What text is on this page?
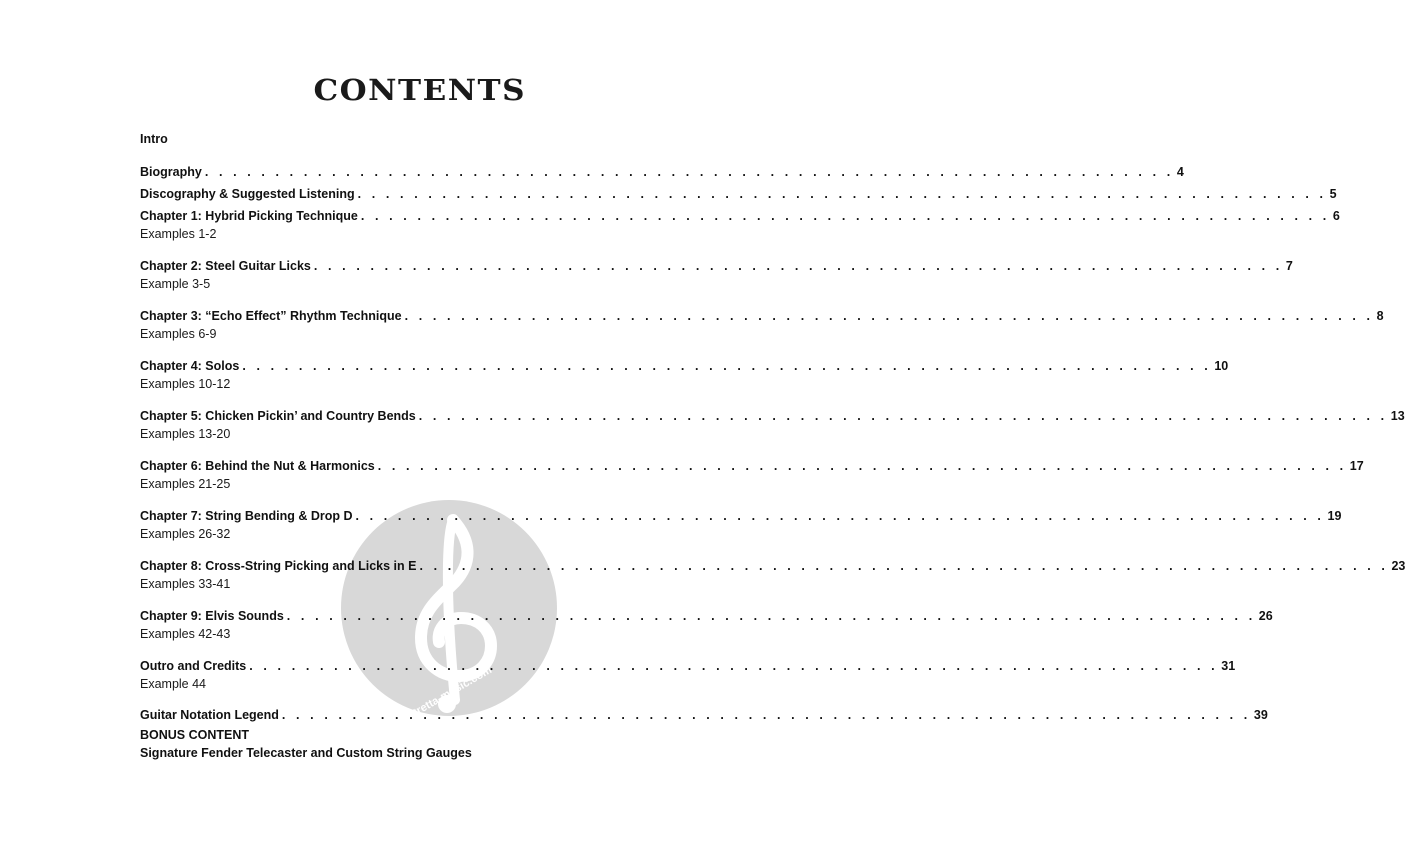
CONTENTS
stretta-music.com
Intro
Biography . . . . . . . . . . . . . . . . . . . . . . . . . . . . . . . . . . . . . . . . . . . . . . . . . . . . . . . . . . . . . . . . . . . . . 4
Discography & Suggested Listening . . . . . . . . . . . . . . . . . . . . . . . . . . . . . . . . . . . . . . . . . . . . . . . . . . . . . . . . . . . . . . . . . . . . . 5
Chapter 1: Hybrid Picking Technique . . . . . . . . . . . . . . . . . . . . . . . . . . . . . . . . . . . . . . . . . . . . . . . . . . . . . . . . . . . . . . . . . . . . . 6
Examples 1-2
Chapter 2: Steel Guitar Licks . . . . . . . . . . . . . . . . . . . . . . . . . . . . . . . . . . . . . . . . . . . . . . . . . . . . . . . . . . . . . . . . . . . . . 7
Example 3-5
Chapter 3: “Echo Effect” Rhythm Technique . . . . . . . . . . . . . . . . . . . . . . . . . . . . . . . . . . . . . . . . . . . . . . . . . . . . . . . . . . . . . . . . . . . . . 8
Examples 6-9
Chapter 4: Solos . . . . . . . . . . . . . . . . . . . . . . . . . . . . . . . . . . . . . . . . . . . . . . . . . . . . . . . . . . . . . . . . . . . . . 10
Examples 10-12
Chapter 5: Chicken Pickin’ and Country Bends . . . . . . . . . . . . . . . . . . . . . . . . . . . . . . . . . . . . . . . . . . . . . . . . . . . . . . . . . . . . . . . . . . . . . 13
Examples 13-20
Chapter 6: Behind the Nut & Harmonics . . . . . . . . . . . . . . . . . . . . . . . . . . . . . . . . . . . . . . . . . . . . . . . . . . . . . . . . . . . . . . . . . . . . . 17
Examples 21-25
Chapter 7: String Bending & Drop D . . . . . . . . . . . . . . . . . . . . . . . . . . . . . . . . . . . . . . . . . . . . . . . . . . . . . . . . . . . . . . . . . . . . . 19
Examples 26-32
Chapter 8: Cross-String Picking and Licks in E . . . . . . . . . . . . . . . . . . . . . . . . . . . . . . . . . . . . . . . . . . . . . . . . . . . . . . . . . . . . . . . . . . . . . 23
Examples 33-41
Chapter 9: Elvis Sounds . . . . . . . . . . . . . . . . . . . . . . . . . . . . . . . . . . . . . . . . . . . . . . . . . . . . . . . . . . . . . . . . . . . . . 26
Examples 42-43
Outro and Credits . . . . . . . . . . . . . . . . . . . . . . . . . . . . . . . . . . . . . . . . . . . . . . . . . . . . . . . . . . . . . . . . . . . . . 31
Example 44
Guitar Notation Legend . . . . . . . . . . . . . . . . . . . . . . . . . . . . . . . . . . . . . . . . . . . . . . . . . . . . . . . . . . . . . . . . . . . . . 39
BONUS CONTENT
Signature Fender Telecaster and Custom String Gauges
